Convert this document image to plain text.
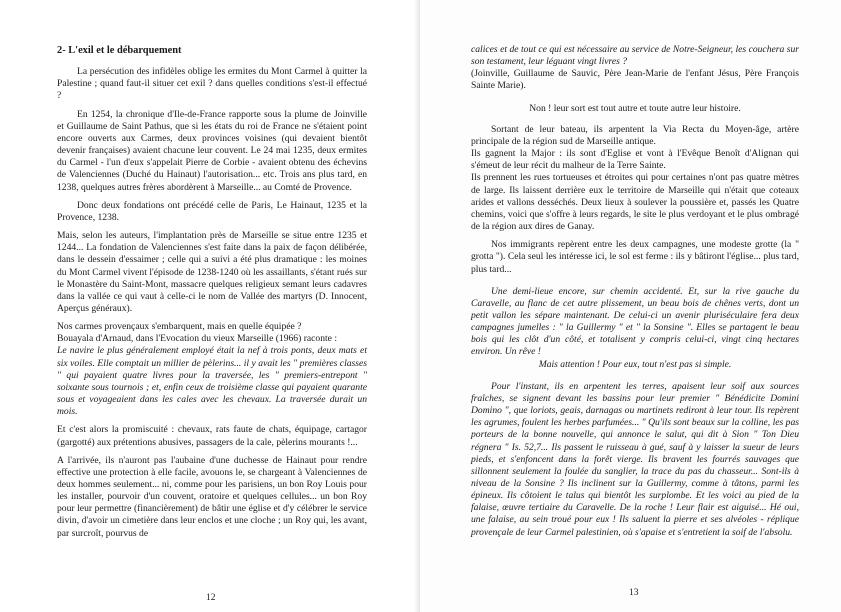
2- L'exil et le débarquement

La persécution des infidèles oblige les ermites du Mont Carmel à quitter la Palestine ; quand faut-il situer cet exil ? dans quelles conditions s'est-il effectué ?

En 1254, la chronique d'Ile-de-France rapporte sous la plume de Joinville et Guillaume de Saint Pathus, que si les états du roi de France ne s'étaient point encore ouverts aux Carmes, deux provinces voisines (qui devaient bientôt devenir françaises) avaient chacune leur couvent. Le 24 mai 1235, deux ermites du Carmel - l'un d'eux s'appelait Pierre de Corbie - avaient obtenu des échevins de Valenciennes (Duché du Hainaut) l'autorisation... etc. Trois ans plus tard, en 1238, quelques autres frères abordèrent à Marseille... au Comté de Provence.

Donc deux fondations ont précédé celle de Paris, Le Hainaut, 1235 et la Provence, 1238.

Mais, selon les auteurs, l'implantation près de Marseille se situe entre 1235 et 1244... La fondation de Valenciennes s'est faite dans la paix de façon délibérée, dans le dessein d'essaimer ; celle qui a suivi a été plus dramatique : les moines du Mont Carmel vivent l'épisode de 1238-1240 où les assaillants, s'étant rués sur le Monastère du Saint-Mont, massacre quelques religieux semant leurs cadavres dans la vallée ce qui vaut à celle-ci le nom de Vallée des martyrs (D. Innocent, Aperçus généraux).

Nos carmes provençaux s'embarquent, mais en quelle équipée ?

Bouayala d'Arnaud, dans l'Evocation du vieux Marseille (1966) raconte :

Le navire le plus généralement employé était la nef à trois ponts, deux mats et six voiles. Elle comptait un millier de pèlerins... il y avait les " premières classes " qui payaient quatre livres pour la traversée, les " premiers-entrepont " soixante sous tournois ; et, enfin ceux de troisième classe qui payaient quarante sous et voyageaient dans les cales avec les chevaux. La traversée durait un mois.

Et c'est alors la promiscuité : chevaux, rats faute de chats, équipage, cartagor (gargotté) aux prétentions abusives, passagers de la cale, pèlerins mourants !...

A l'arrivée, ils n'auront pas l'aubaine d'une duchesse de Hainaut pour rendre effective une protection à elle facile, avouons le, se chargeant à Valenciennes de deux hommes seulement... ni, comme pour les parisiens, un bon Roy Louis pour les installer, pourvoir d'un couvent, oratoire et quelques cellules... un bon Roy pour leur permettre (financièrement) de bâtir une église et d'y célébrer le service divin, d'avoir un cimetière dans leur enclos et une cloche ; un Roy qui, les avant, par surcroît, pourvus de

12

calices et de tout ce qui est nécessaire au service de Notre-Seigneur, les couchera sur son testament, leur léguant vingt livres ?

(Joinville, Guillaume de Sauvic, Père Jean-Marie de l'enfant Jésus, Père François Sainte Marie).

Non ! leur sort est tout autre et toute autre leur histoire.

Sortant de leur bateau, ils arpentent la Via Recta du Moyen-âge, artère principale de la région sud de Marseille antique.

Ils gagnent la Major : ils sont d'Eglise et vont à l'Evêque Benoît d'Alignan qui s'émeut de leur récit du malheur de la Terre Sainte.

Ils prennent les rues tortueuses et étroites qui pour certaines n'ont pas quatre mètres de large. Ils laissent derrière eux le territoire de Marseille qui n'était que coteaux arides et vallons desséchés. Deux lieux à soulever la poussière et, passés les Quatre chemins, voici que s'offre à leurs regards, le site le plus verdoyant et le plus ombragé de la région aux dires de Ganay.

Nos immigrants repèrent entre les deux campagnes, une modeste grotte (la " grotta "). Cela seul les intéresse ici, le sol est ferme : ils y bâtiront l'église... plus tard, plus tard...

Une demi-lieue encore, sur chemin accidenté. Et, sur la rive gauche du Caravelle, au flanc de cet autre plissement, un beau bois de chênes verts, dont un petit vallon les sépare maintenant. De celui-ci un avenir pluriséculaire fera deux campagnes jumelles : " la Guillermy " et " la Sonsine ". Elles se partagent le beau bois qui les clôt d'un côté, et totalisent y compris celui-ci, vingt cinq hectares environ. Un rêve !

Mais attention ! Pour eux, tout n'est pas si simple.

Pour l'instant, ils en arpentent les terres, apaisent leur soif aux sources fraîches, se signent devant les bassins pour leur premier " Bénédicite Domini Domino ", que loriots, geais, darnagas ou martinets rediront à leur tour. Ils repèrent les agrumes, foulent les herbes parfumées... " Qu'ils sont beaux sur la colline, les pas porteurs de la bonne nouvelle, qui annonce le salut, qui dit à Sion " Ton Dieu régnera " Is. 52,7... Ils passent le ruisseau à gué, sauf à y laisser la sueur de leurs pieds, et s'enfoncent dans la forêt vierge. Ils bravent les fourrés sauvages que sillonnent seulement la foulée du sanglier, la trace du pas du chasseur... Sont-ils à niveau de la Sonsine ? Ils inclinent sur la Guillermy, comme à tâtons, parmi les épineux. Ils côtoient le talus qui bientôt les surplombe. Et les voici au pied de la falaise, œuvre tertiaire du Caravelle. De la roche ! Leur flair est aiguisé... Hé oui, une falaise, au sein troué pour eux ! Ils saluent la pierre et ses alvéoles - réplique provençale de leur Carmel palestinien, où s'apaise et s'entretient la soif de l'absolu.

13
